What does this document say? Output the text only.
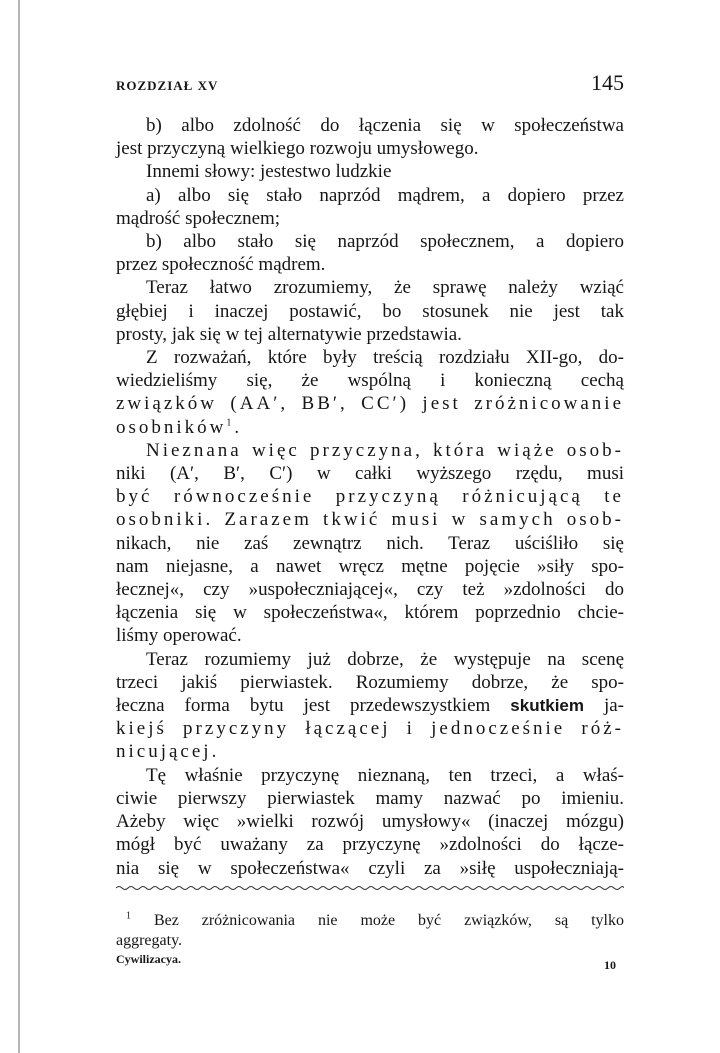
ROZDZIAŁ XV	145
b) albo zdolność do łączenia się w społeczeństwa
jest przyczyną wielkiego rozwoju umysłowego.
Innemi słowy: jestestwo ludzkie
a) albo się stało naprzód mądrem, a dopiero przez
mądrość społecznem;
b) albo stało się naprzód społecznem, a dopiero
przez społeczność mądrem.
Teraz łatwo zrozumiemy, że sprawę należy wziąć
głębiej i inaczej postawić, bo stosunek nie jest tak
prosty, jak się w tej alternatywie przedstawia.
Z rozważań, które były treścią rozdziału XII-go, do-
wiedzieliśmy się, że wspólną i konieczną cechą
związków (AA′, BB′, CC′) jest zróżnicowanie
osobników$^1$.
Nieznana więc przyczyna, która wiąże osob-
niki (A′, B′, C′) w całki wyższego rzędu, musi
być równocześnie przyczyną różnicującą te
osobniki. Zarazem tkwić musi w samych osob-
nikach, nie zaś zewnątrz nich. Teraz uściśliło się
nam niejasne, a nawet wręcz mętne pojęcie »siły spo-
łecznej«, czy »uspołeczniającej«, czy też »zdolności do
łączenia się w społeczeństwa«, którem poprzednio chcie-
liśmy operować.
Teraz rozumiemy już dobrze, że występuje na scenę
trzeci jakiś pierwiastek. Rozumiemy dobrze, że spo-
łeczna forma bytu jest przedewszystkiem skutkiem ja-
kiejś przyczyny łączącej i jednocześnie róż-
nicującej.
Tę właśnie przyczynę nieznaną, ten trzeci, a właś-
ciwie pierwszy pierwiastek mamy nazwać po imieniu.
Ażeby więc »wielki rozwój umysłowy« (inaczej mózgu)
mógł być uważany za przyczynę »zdolności do łącze-
nia się w społeczeństwa« czyli za »siłę uspołeczniają-
$^1$ Bez zróżnicowania nie może być związków, są tylko
aggregaty.
Cywilizacya.	10
